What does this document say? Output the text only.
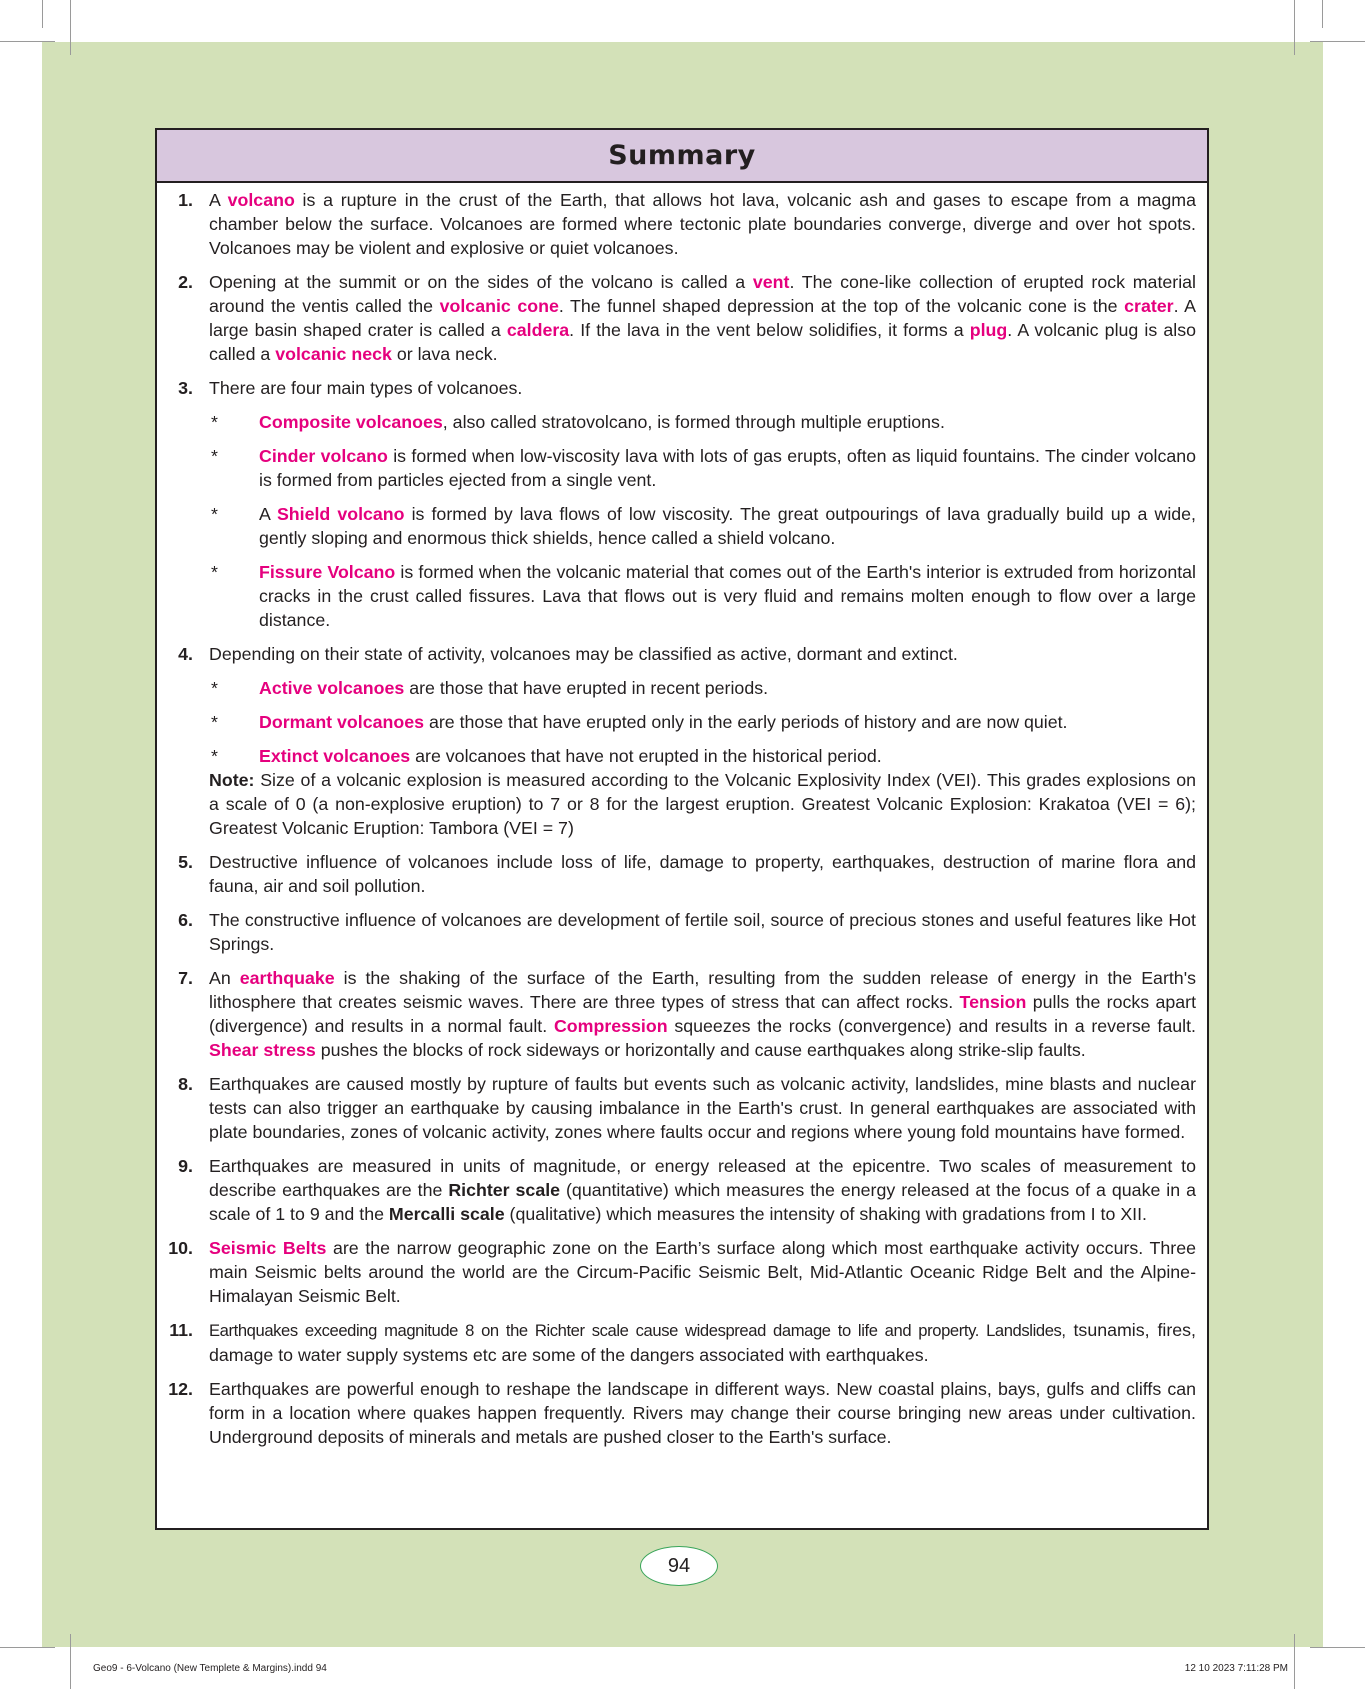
Summary
1. A volcano is a rupture in the crust of the Earth, that allows hot lava, volcanic ash and gases to escape from a magma chamber below the surface. Volcanoes are formed where tectonic plate boundaries converge, diverge and over hot spots. Volcanoes may be violent and explosive or quiet volcanoes.

2. Opening at the summit or on the sides of the volcano is called a vent. The cone-like collection of erupted rock material around the ventis called the volcanic cone. The funnel shaped depression at the top of the volcanic cone is the crater. A large basin shaped crater is called a caldera. If the lava in the vent below solidifies, it forms a plug. A volcanic plug is also called a volcanic neck or lava neck.

3. There are four main types of volcanoes.

*	Composite volcanoes, also called stratovolcano, is formed through multiple eruptions.
*	Cinder volcano is formed when low-viscosity lava with lots of gas erupts, often as liquid fountains. The cinder volcano is formed from particles ejected from a single vent.
*	A Shield volcano is formed by lava flows of low viscosity. The great outpourings of lava gradually build up a wide, gently sloping and enormous thick shields, hence called a shield volcano.
*	Fissure Volcano is formed when the volcanic material that comes out of the Earth's interior is extruded from horizontal cracks in the crust called fissures. Lava that flows out is very fluid and remains molten enough to flow over a large distance.
4. Depending on their state of activity, volcanoes may be classified as active, dormant and extinct.

*	Active volcanoes are those that have erupted in recent periods.
*	Dormant volcanoes are those that have erupted only in the early periods of history and are now quiet.
*	Extinct volcanoes are volcanoes that have not erupted in the historical period.

Note: Size of a volcanic explosion is measured according to the Volcanic Explosivity Index (VEI). This grades explosions on a scale of 0 (a non-explosive eruption) to 7 or 8 for the largest eruption. Greatest Volcanic Explosion: Krakatoa (VEI = 6); Greatest Volcanic Eruption: Tambora (VEI = 7)

5. Destructive influence of volcanoes include loss of life, damage to property, earthquakes, destruction of marine flora and fauna, air and soil pollution.

6. The constructive influence of volcanoes are development of fertile soil, source of precious stones and useful features like Hot Springs.

7. An earthquake is the shaking of the surface of the Earth, resulting from the sudden release of energy in the Earth's lithosphere that creates seismic waves. There are three types of stress that can affect rocks. Tension pulls the rocks apart (divergence) and results in a normal fault. Compression squeezes the rocks (convergence) and results in a reverse fault. Shear stress pushes the blocks of rock sideways or horizontally and cause earthquakes along strike-slip faults.

8. Earthquakes are caused mostly by rupture of faults but events such as volcanic activity, landslides, mine blasts and nuclear tests can also trigger an earthquake by causing imbalance in the Earth's crust. In general earthquakes are associated with plate boundaries, zones of volcanic activity, zones where faults occur and regions where young fold mountains have formed.

9. Earthquakes are measured in units of magnitude, or energy released at the epicentre. Two scales of measurement to describe earthquakes are the Richter scale (quantitative) which measures the energy released at the focus of a quake in a scale of 1 to 9 and the Mercalli scale (qualitative) which measures the intensity of shaking with gradations from I to XII.

10. Seismic Belts are the narrow geographic zone on the Earth’s surface along which most earthquake activity occurs. Three main Seismic belts around the world are the Circum-Pacific Seismic Belt, Mid-Atlantic Oceanic Ridge Belt and the Alpine-Himalayan Seismic Belt.

11. Earthquakes exceeding magnitude 8 on the Richter scale cause widespread damage to life and property. Landslides, tsunamis, fires, damage to water supply systems etc are some of the dangers associated with earthquakes.

12. Earthquakes are powerful enough to reshape the landscape in different ways. New coastal plains, bays, gulfs and cliffs can form in a location where quakes happen frequently. Rivers may change their course bringing new areas under cultivation. Underground deposits of minerals and metals are pushed closer to the Earth's surface.

94
Geo9 - 6-Volcano (New Templete & Margins).indd 94	12 10 2023 7:11:28 PM
